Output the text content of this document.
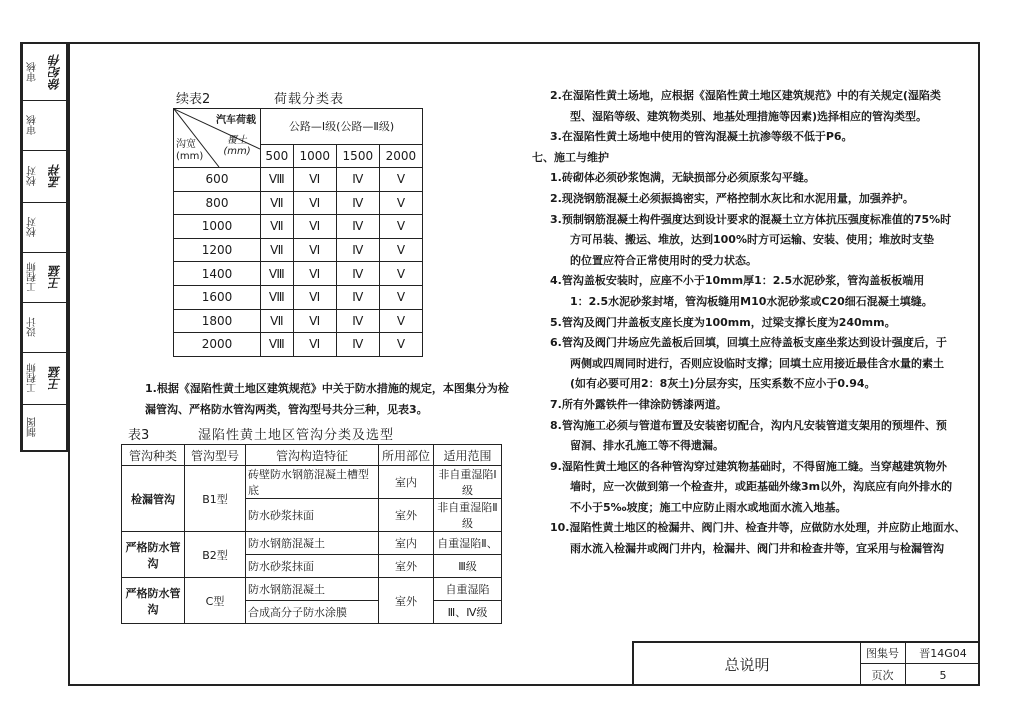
审核 徐纪伟
审核
校对 孟祥
校对
工程师 王猛
设计
工程师 王猛
制图
续表2	荷载分类表
汽车荷载
覆土(mm)
沟宽(mm)	公路—Ⅰ级(公路—Ⅱ级)			
	500	1000	1500	2000
600	Ⅷ	Ⅵ	Ⅳ	Ⅴ
800	Ⅶ	Ⅵ	Ⅳ	Ⅴ
1000	Ⅶ	Ⅵ	Ⅳ	Ⅴ
1200	Ⅶ	Ⅵ	Ⅳ	Ⅴ
1400	Ⅷ	Ⅵ	Ⅳ	Ⅴ
1600	Ⅷ	Ⅵ	Ⅳ	Ⅴ
1800	Ⅶ	Ⅵ	Ⅳ	Ⅴ
2000	Ⅷ	Ⅵ	Ⅳ	Ⅴ
1.根据《湿陷性黄土地区建筑规范》中关于防水措施的规定，本图集分为检漏管沟、严格防水管沟两类，管沟型号共分三种，见表3。
表3	湿陷性黄土地区管沟分类及选型
管沟种类	管沟型号	管沟构造特征	所用部位	适用范围
检漏管沟	B1型	砖壁防水钢筋混凝土槽型底	室内	非自重湿陷Ⅰ级
		防水砂浆抹面	室外	非自重湿陷Ⅱ级
严格防水管沟	B2型	防水钢筋混凝土	室内	自重湿陷Ⅱ、
		防水砂浆抹面	室外	Ⅲ级
严格防水管沟	C型	防水钢筋混凝土	室外	自重湿陷
		合成高分子防水涂膜		Ⅲ、Ⅳ级
2.在湿陷性黄土场地，应根据《湿陷性黄土地区建筑规范》中的有关规定(湿陷类
型、湿陷等级、建筑物类别、地基处理措施等因素)选择相应的管沟类型。
3.在湿陷性黄土场地中使用的管沟混凝土抗渗等级不低于P6。
七、施工与维护
1.砖砌体必须砂浆饱满，无缺损部分必须原浆勾平缝。
2.现浇钢筋混凝土必须振捣密实，严格控制水灰比和水泥用量，加强养护。
3.预制钢筋混凝土构件强度达到设计要求的混凝土立方体抗压强度标准值的75%时
方可吊装、搬运、堆放，达到100%时方可运输、安装、使用；堆放时支垫
的位置应符合正常使用时的受力状态。
4.管沟盖板安装时，应座不小于10mm厚1：2.5水泥砂浆，管沟盖板板端用
1：2.5水泥砂浆封堵，管沟板缝用M10水泥砂浆或C20细石混凝土填缝。
5.管沟及阀门井盖板支座长度为100mm，过梁支撑长度为240mm。
6.管沟及阀门井场应先盖板后回填，回填土应待盖板支座坐浆达到设计强度后，于
两侧或四周同时进行，否则应设临时支撑；回填土应用接近最佳含水量的素土
(如有必要可用2：8灰土)分层夯实，压实系数不应小于0.94。
7.所有外露铁件一律涂防锈漆两道。
8.管沟施工必须与管道布置及安装密切配合，沟内凡安装管道支架用的预埋件、预
留洞、排水孔施工等不得遗漏。
9.湿陷性黄土地区的各种管沟穿过建筑物基础时，不得留施工缝。当穿越建筑物外
墙时，应一次做到第一个检查井，或距基础外缘3m以外，沟底应有向外排水的
不小于5‰坡度；施工中应防止雨水或地面水流入地基。
10.湿陷性黄土地区的检漏井、阀门井、检查井等，应做防水处理，并应防止地面水、
雨水流入检漏井或阀门井内，检漏井、阀门井和检查井等，宜采用与检漏管沟
总说明
图集号	晋14G04
页次	5
